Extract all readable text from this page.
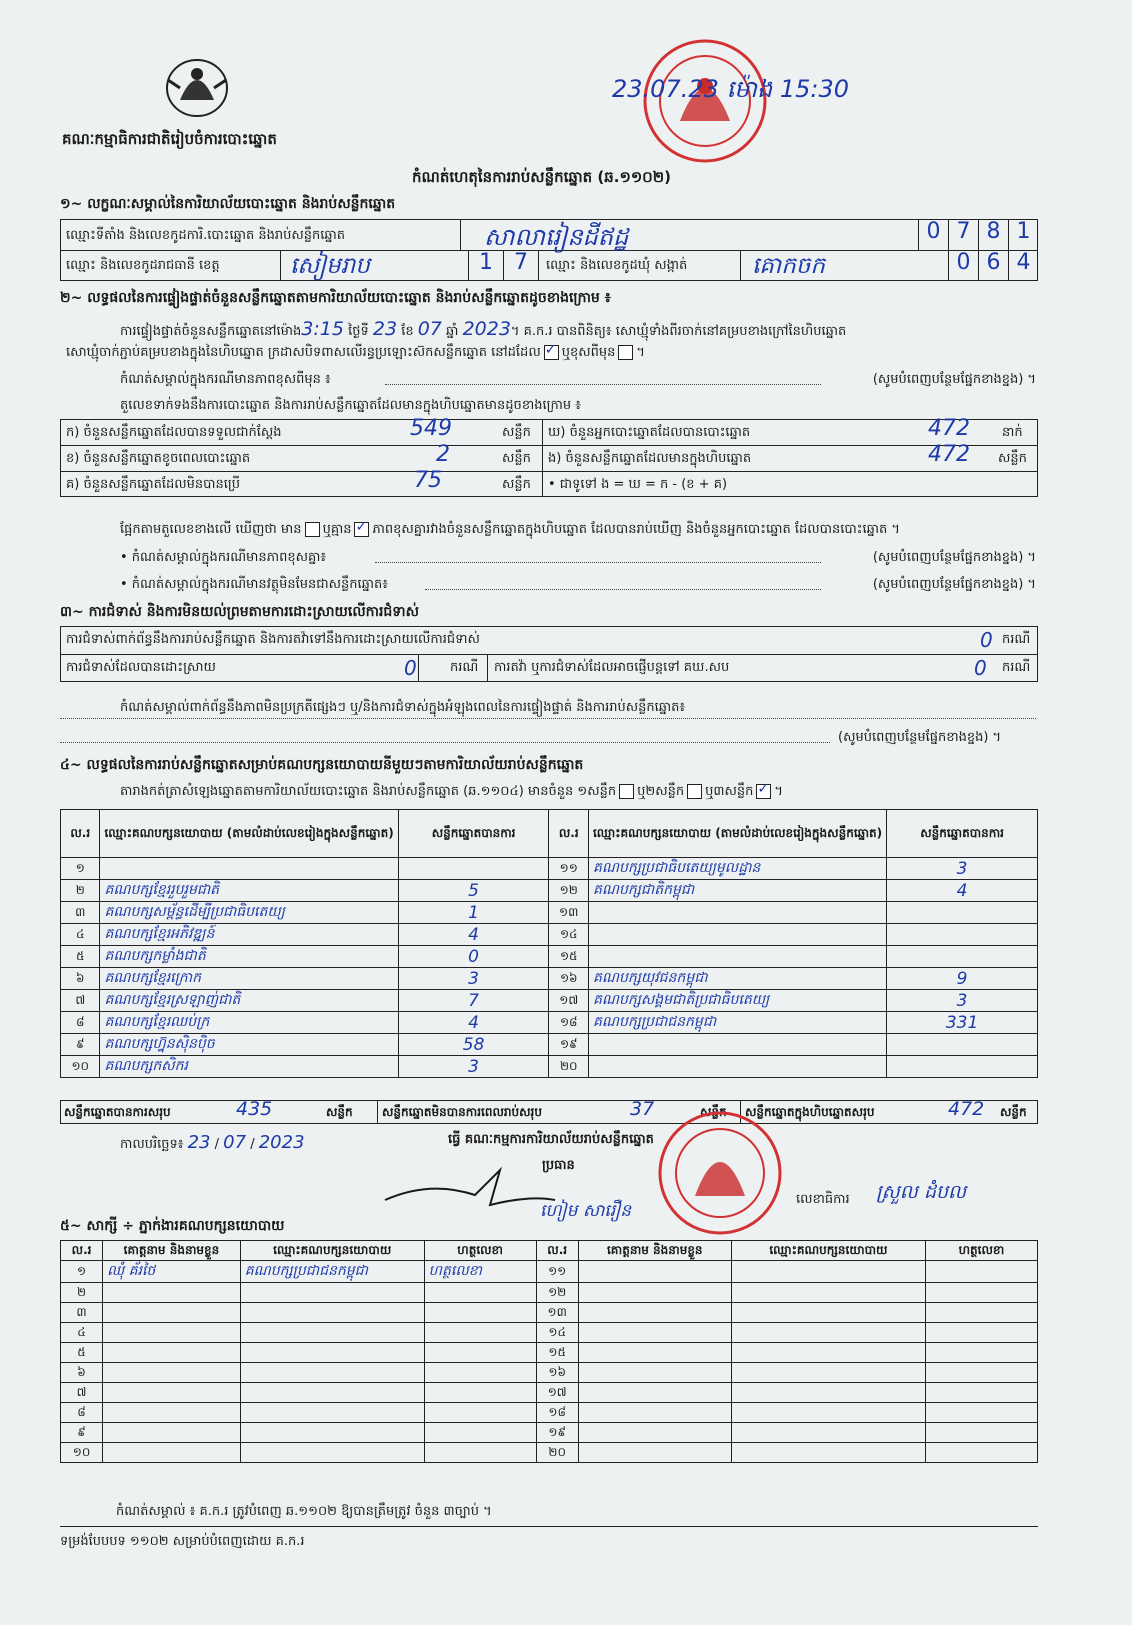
គណៈកម្មាធិការជាតិរៀបចំការបោះឆ្នោត
23.07.23 ម៉ោង 15:30
កំណត់ហេតុនៃការរាប់សន្លឹកឆ្នោត (ឆ.១១០២)
១~ លក្ខណៈសម្គាល់នៃការិយាល័យបោះឆ្នោត និងរាប់សន្លឹកឆ្នោត
ឈ្មោះទីតាំង និងលេខកូដការិ.បោះឆ្នោត និងរាប់សន្លឹកឆ្នោត	សាលារៀនដីឥដ្ឋ	0 7 8 1
ឈ្មោះ និងលេខកូដរាជធានី ខេត្ត	សៀមរាប	1 7	ឈ្មោះ និងលេខកូដឃុំ សង្កាត់	គោកចក	0 6 4
២~ លទ្ធផលនៃការផ្ទៀងផ្ទាត់ចំនួនសន្លឹកឆ្នោតតាមការិយាល័យបោះឆ្នោត និងរាប់សន្លឹកឆ្នោតដូចខាងក្រោម ៖
ការផ្ទៀងផ្ទាត់ចំនួនសន្លឹកឆ្នោតនៅម៉ោង3:15 ថ្ងៃទី 23 ខែ 07 ឆ្នាំ 2023។ គ.ក.រ បានពិនិត្យ៖ សោឃ្មុំទាំងពីរចាក់នៅគម្របខាងក្រៅនៃហិបឆ្នោត
សោឃ្មុំចាក់ភ្ជាប់គម្របខាងក្នុងនៃហិបឆ្នោត ក្រដាសបិទពាសលើរន្ធប្រឡោះស៊កសន្លឹកឆ្នោត នៅដដែល ✓ ឬខុសពីមុន ។
កំណត់សម្គាល់ក្នុងករណីមានភាពខុសពីមុន ៖	(សូមបំពេញបន្ថែមផ្នែកខាងខ្នង) ។
តួលេខទាក់ទងនឹងការបោះឆ្នោត និងការរាប់សន្លឹកឆ្នោតដែលមានក្នុងហិបឆ្នោតមានដូចខាងក្រោម ៖
ក) ចំនួនសន្លឹកឆ្នោតដែលបានទទួលជាក់ស្តែង	549	សន្លឹក
ខ) ចំនួនសន្លឹកឆ្នោតខូចពេលបោះឆ្នោត	2	សន្លឹក
គ) ចំនួនសន្លឹកឆ្នោតដែលមិនបានប្រើ	75	សន្លឹក
ឃ) ចំនួនអ្នកបោះឆ្នោតដែលបានបោះឆ្នោត	472 នាក់
ង) ចំនួនសន្លឹកឆ្នោតដែលមានក្នុងហិបឆ្នោត	472 សន្លឹក
• ជាទូទៅ ង = ឃ = ក - (ខ + គ)
ផ្អែកតាមតួលេខខាងលើ ឃើញថា មាន ឬគ្មាន ✓ ភាពខុសគ្នារវាងចំនួនសន្លឹកឆ្នោតក្នុងហិបឆ្នោត ដែលបានរាប់ឃើញ និងចំនួនអ្នកបោះឆ្នោត ដែលបានបោះឆ្នោត ។
• កំណត់សម្គាល់ក្នុងករណីមានភាពខុសគ្នា៖	(សូមបំពេញបន្ថែមផ្នែកខាងខ្នង) ។
• កំណត់សម្គាល់ក្នុងករណីមានវត្ថុមិនមែនជាសន្លឹកឆ្នោត៖	(សូមបំពេញបន្ថែមផ្នែកខាងខ្នង) ។
៣~ ការជំទាស់ និងការមិនយល់ព្រមតាមការដោះស្រាយលើការជំទាស់
ការជំទាស់ពាក់ព័ន្ធនឹងការរាប់សន្លឹកឆ្នោត និងការតវ៉ាទៅនឹងការដោះស្រាយលើការជំទាស់	0 ករណី
ការជំទាស់ដែលបានដោះស្រាយ	0	ករណី ការតវ៉ា ឬការជំទាស់ដែលអាចផ្ញើបន្តទៅ គឃ.សប	0 ករណី
កំណត់សម្គាល់ពាក់ព័ន្ធនឹងភាពមិនប្រក្រតីផ្សេងៗ ឬ/និងការជំទាស់ក្នុងអំឡុងពេលនៃការផ្ទៀងផ្ទាត់ និងការរាប់សន្លឹកឆ្នោត៖
(សូមបំពេញបន្ថែមផ្នែកខាងខ្នង) ។
៤~ លទ្ធផលនៃការរាប់សន្លឹកឆ្នោតសម្រាប់គណបក្សនយោបាយនីមួយៗតាមការិយាល័យរាប់សន្លឹកឆ្នោត
តារាងកត់ត្រាសំឡេងឆ្នោតតាមការិយាល័យបោះឆ្នោត និងរាប់សន្លឹកឆ្នោត (ឆ.១១០៤) មានចំនួន ១សន្លឹក ឬ២សន្លឹក ឬ៣សន្លឹក ✓ ។
ល.រ	ឈ្មោះគណបក្សនយោបាយ (តាមលំដាប់លេខរៀងក្នុងសន្លឹកឆ្នោត)	សន្លឹកឆ្នោតបានការ	ល.រ	ឈ្មោះគណបក្សនយោបាយ (តាមលំដាប់លេខរៀងក្នុងសន្លឹកឆ្នោត)	សន្លឹកឆ្នោតបានការ
១			១១	គណបក្សប្រជាធិបតេយ្យមូលដ្ឋាន	3
២	គណបក្សខ្មែររួបរួមជាតិ	5	១២	គណបក្សជាតិកម្ពុជា	4
៣	គណបក្សសម្ព័ន្ធដើម្បីប្រជាធិបតេយ្យ	1	១៣		
៤	គណបក្សខ្មែរអភិវឌ្ឍន៍	4	១៤		
៥	គណបក្សកម្លាំងជាតិ	0	១៥		
៦	គណបក្សខ្មែរក្រោក	3	១៦	គណបក្សយុវជនកម្ពុជា	9
៧	គណបក្សខ្មែរស្រឡាញ់ជាតិ	7	១៧	គណបក្សសង្គមជាតិប្រជាធិបតេយ្យ	3
៨	គណបក្សខ្មែរឈប់ក្រ	4	១៨	គណបក្សប្រជាជនកម្ពុជា	331
៩	គណបក្សហ្វ៊ុនស៊ិនប៉ិច	58	១៩		
១០	គណបក្សកសិករ	3	២០		
សន្លឹកឆ្នោតបានការសរុប	435	សន្លឹក សន្លឹកឆ្នោតមិនបានការពេលរាប់សរុប	37	សន្លឹក សន្លឹកឆ្នោតក្នុងហិបឆ្នោតសរុប	472 សន្លឹក
កាលបរិច្ឆេទ៖ 23 / 07 / 2023	ធ្វើ គណៈកម្មការការិយាល័យរាប់សន្លឹកឆ្នោត
ប្រធាន
លេខាធិការ ស្រួល ដំបល
ហៀម សារឿន
៥~ សាក្សី ÷ ភ្នាក់ងារគណបក្សនយោបាយ
ល.រ	គោត្តនាម និងនាមខ្លួន	ឈ្មោះគណបក្សនយោបាយ	ហត្ថលេខា	ល.រ	គោត្តនាម និងនាមខ្លួន	ឈ្មោះគណបក្សនយោបាយ	ហត្ថលេខា
១	ឈុំ គ័រថៃ	គណបក្សប្រជាជនកម្ពុជា	ហត្ថលេខា	១១			
២				១២			
៣				១៣			
៤				១៤			
៥				១៥			
៦				១៦			
៧				១៧			
៨				១៨			
៩				១៩			
១០				២០			
កំណត់សម្គាល់ ៖ គ.ក.រ ត្រូវបំពេញ ឆ.១១០២ ឱ្យបានត្រឹមត្រូវ ចំនួន ៣ច្បាប់ ។
ទម្រង់បែបបទ ១១០២ សម្រាប់បំពេញដោយ គ.ក.រ
